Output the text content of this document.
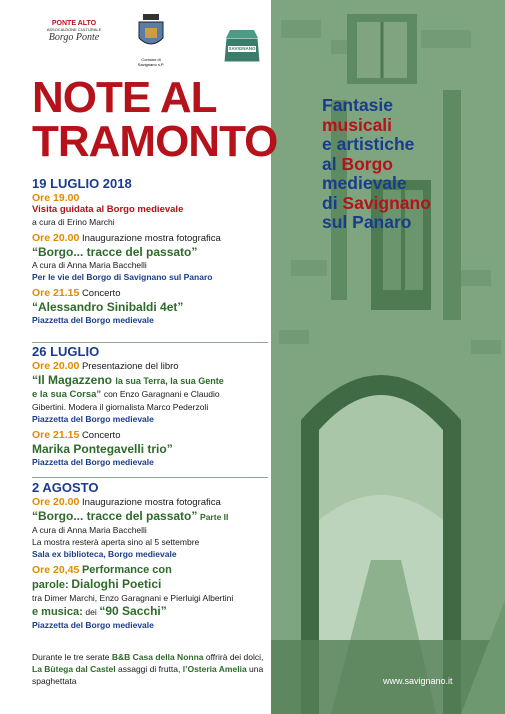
Fantasie
musicali
e artistiche
al Borgo
medievale
di Savignano
sul Panaro
www.savignano.it
PONTE ALTO
ASSOCIAZIONE CULTURALE
Borgo Ponte
Comune di Savignano s.P.
SAVIGNANO
NOTE AL
TRAMONTO
19 LUGLIO 2018
Ore 19.00
Visita guidata al Borgo medievale
a cura di Erino Marchi
Ore 20.00 Inaugurazione mostra fotografica
“Borgo... tracce del passato”
A cura di Anna Maria Bacchelli
Per le vie del Borgo di Savignano sul Panaro
Ore 21.15 Concerto
“Alessandro Sinibaldi 4et”
Piazzetta del Borgo medievale
26 LUGLIO
Ore 20.00 Presentazione del libro
“Il Magazzeno la sua Terra, la sua Gente
e la sua Corsa” con Enzo Garagnani e Claudio
Gibertini. Modera il giornalista Marco Pederzoli
Piazzetta del Borgo medievale
Ore 21.15 Concerto
Marika Pontegavelli trio”
Piazzetta del Borgo medievale
2 AGOSTO
Ore 20.00 Inaugurazione mostra fotografica
“Borgo... tracce del passato” Parte II
A cura di Anna Maria Bacchelli
La mostra resterà aperta sino al 5 settembre
Sala ex biblioteca, Borgo medievale
Ore 20,45 Performance con
parole: Dialoghi Poetici
tra Dimer Marchi, Enzo Garagnani e Pierluigi Albertini
e musica: dei “90 Sacchi”
Piazzetta del Borgo medievale
Durante le tre serate B&B Casa della Nonna offrirà dei dolci, La Bùtega dal Castel assaggi di frutta, l’Osteria Amelia una spaghettata
